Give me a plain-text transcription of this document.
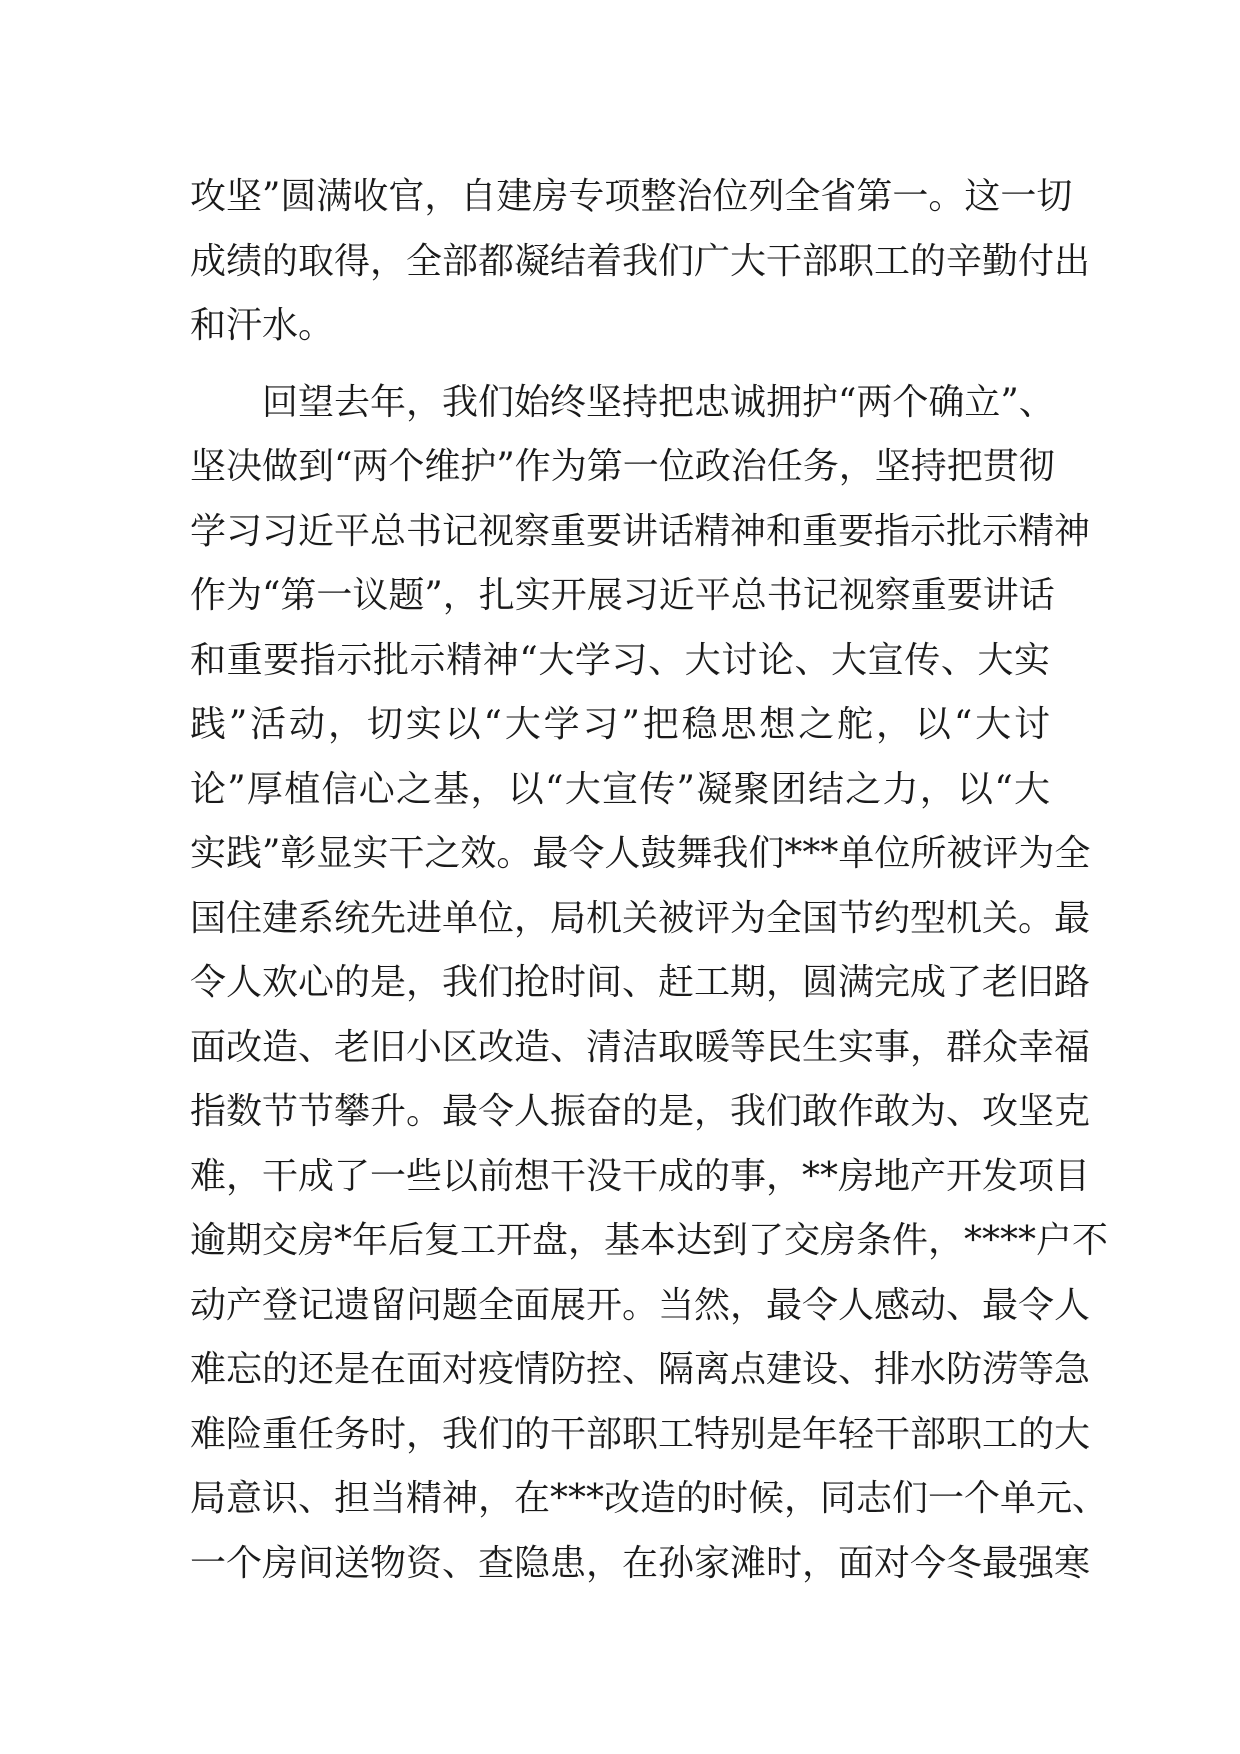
攻坚”圆满收官，自建房专项整治位列全省第一。这一切
成绩的取得，全部都凝结着我们广大干部职工的辛勤付出
和汗水。
　　回望去年，我们始终坚持把忠诚拥护“两个确立”、
坚决做到“两个维护”作为第一位政治任务，坚持把贯彻
学习习近平总书记视察重要讲话精神和重要指示批示精神
作为“第一议题”，扎实开展习近平总书记视察重要讲话
和重要指示批示精神“大学习、大讨论、大宣传、大实
践”活动，切实以“大学习”把稳思想之舵，以“大讨
论”厚植信心之基，以“大宣传”凝聚团结之力，以“大
实践”彰显实干之效。最令人鼓舞我们***单位所被评为全
国住建系统先进单位，局机关被评为全国节约型机关。最
令人欢心的是，我们抢时间、赶工期，圆满完成了老旧路
面改造、老旧小区改造、清洁取暖等民生实事，群众幸福
指数节节攀升。最令人振奋的是，我们敢作敢为、攻坚克
难，干成了一些以前想干没干成的事，**房地产开发项目
逾期交房*年后复工开盘，基本达到了交房条件，****户不
动产登记遗留问题全面展开。当然，最令人感动、最令人
难忘的还是在面对疫情防控、隔离点建设、排水防涝等急
难险重任务时，我们的干部职工特别是年轻干部职工的大
局意识、担当精神，在***改造的时候，同志们一个单元、
一个房间送物资、查隐患，在孙家滩时，面对今冬最强寒
